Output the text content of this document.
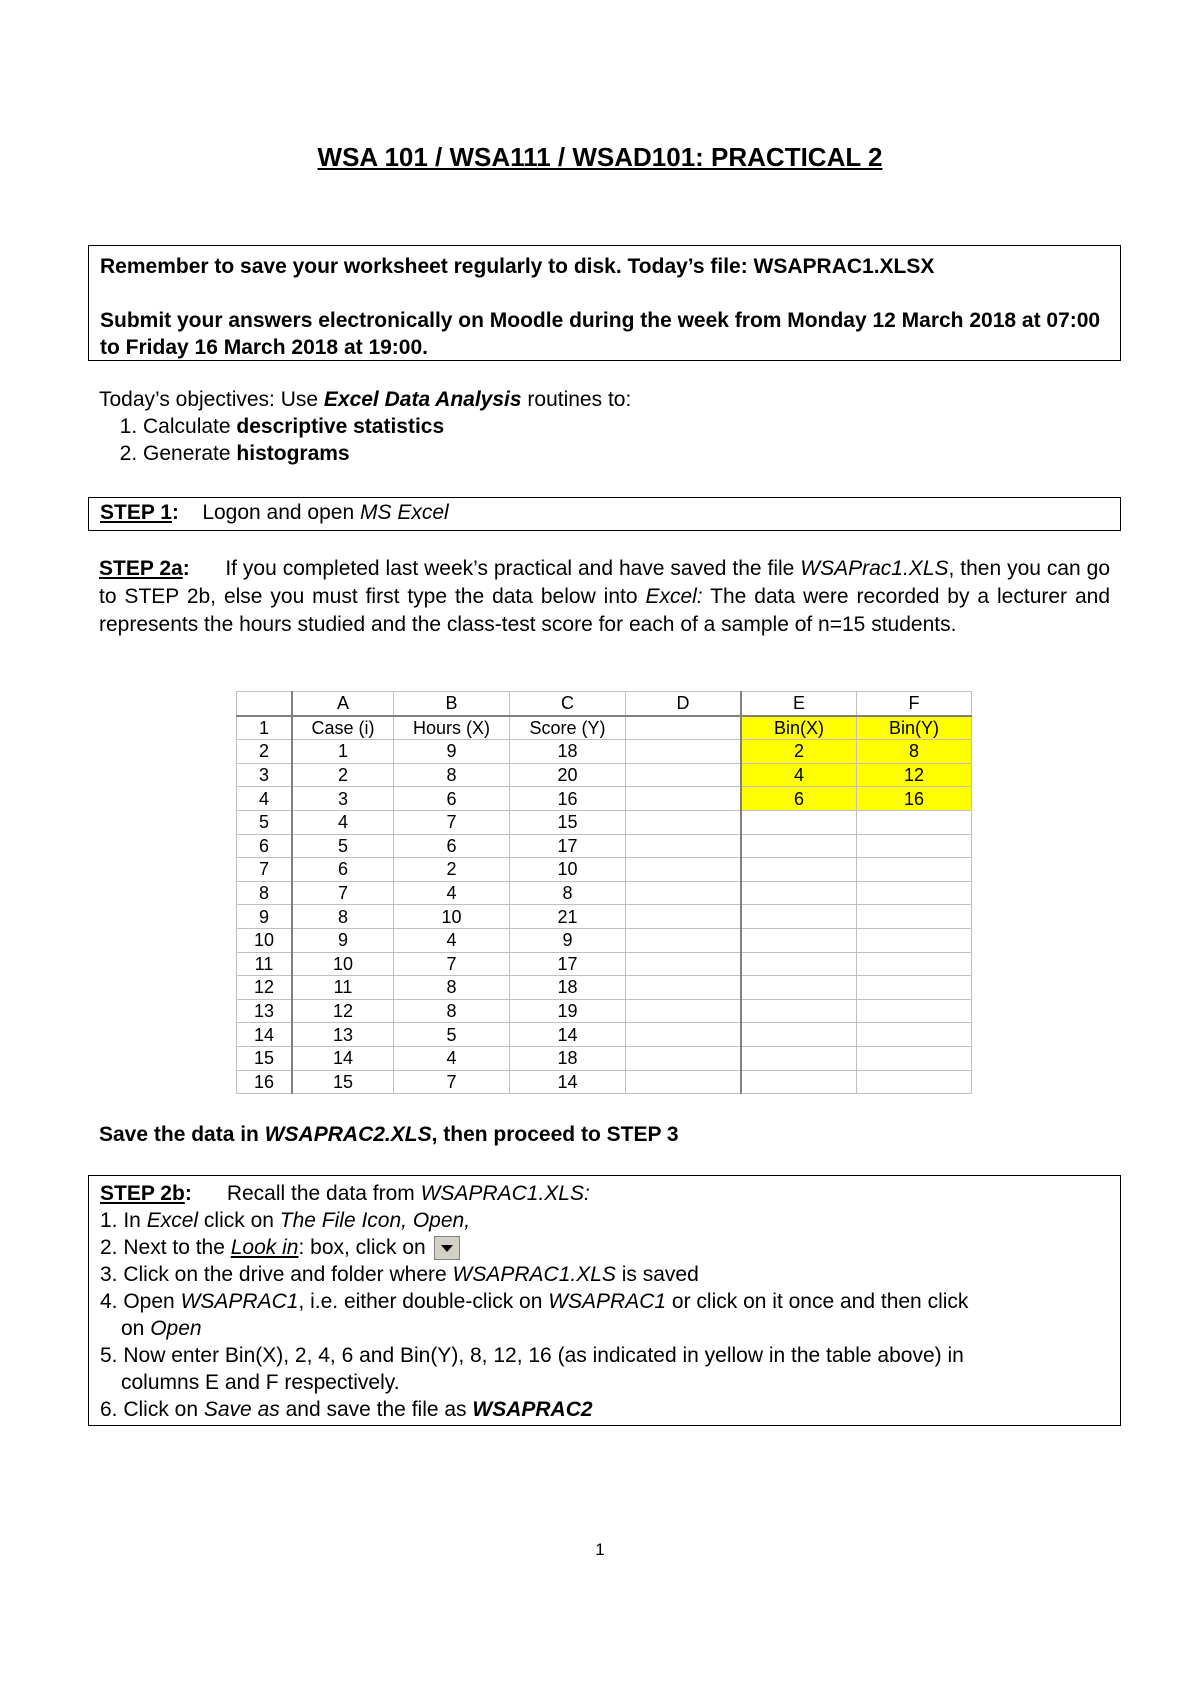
WSA 101 / WSA111 / WSAD101: PRACTICAL 2

Remember to save your worksheet regularly to disk. Today’s file: WSAPRAC1.XLSX

Submit your answers electronically on Moodle during the week from Monday 12 March 2018 at 07:00 to Friday 16 March 2018 at 19:00.

Today’s objectives: Use Excel Data Analysis routines to:
1. Calculate descriptive statistics
2. Generate histograms
STEP 1: Logon and open MS Excel

STEP 2a: If you completed last week’s practical and have saved the file WSAPrac1.XLS, then you can go to STEP 2b, else you must first type the data below into Excel: The data were recorded by a lecturer and represents the hours studied and the class-test score for each of a sample of n=15 students.

	A	B	C	D	E	F
1	Case (i)	Hours (X)	Score (Y)		Bin(X)	Bin(Y)
2	1	9	18		2	8
3	2	8	20		4	12
4	3	6	16		6	16
5	4	7	15			
6	5	6	17			
7	6	2	10			
8	7	4	8			
9	8	10	21			
10	9	4	9			
11	10	7	17			
12	11	8	18			
13	12	8	19			
14	13	5	14			
15	14	4	18			
16	15	7	14			
Save the data in WSAPRAC2.XLS, then proceed to STEP 3
STEP 2b: Recall the data from WSAPRAC1.XLS:
1. In Excel click on The File Icon, Open,
2. Next to the Look in: box, click on
3. Click on the drive and folder where WSAPRAC1.XLS is saved
4. Open WSAPRAC1, i.e. either double-click on WSAPRAC1 or click on it once and then click
on Open
5. Now enter Bin(X), 2, 4, 6 and Bin(Y), 8, 12, 16 (as indicated in yellow in the table above) in
columns E and F respectively.
6. Click on Save as and save the file as WSAPRAC2
1
